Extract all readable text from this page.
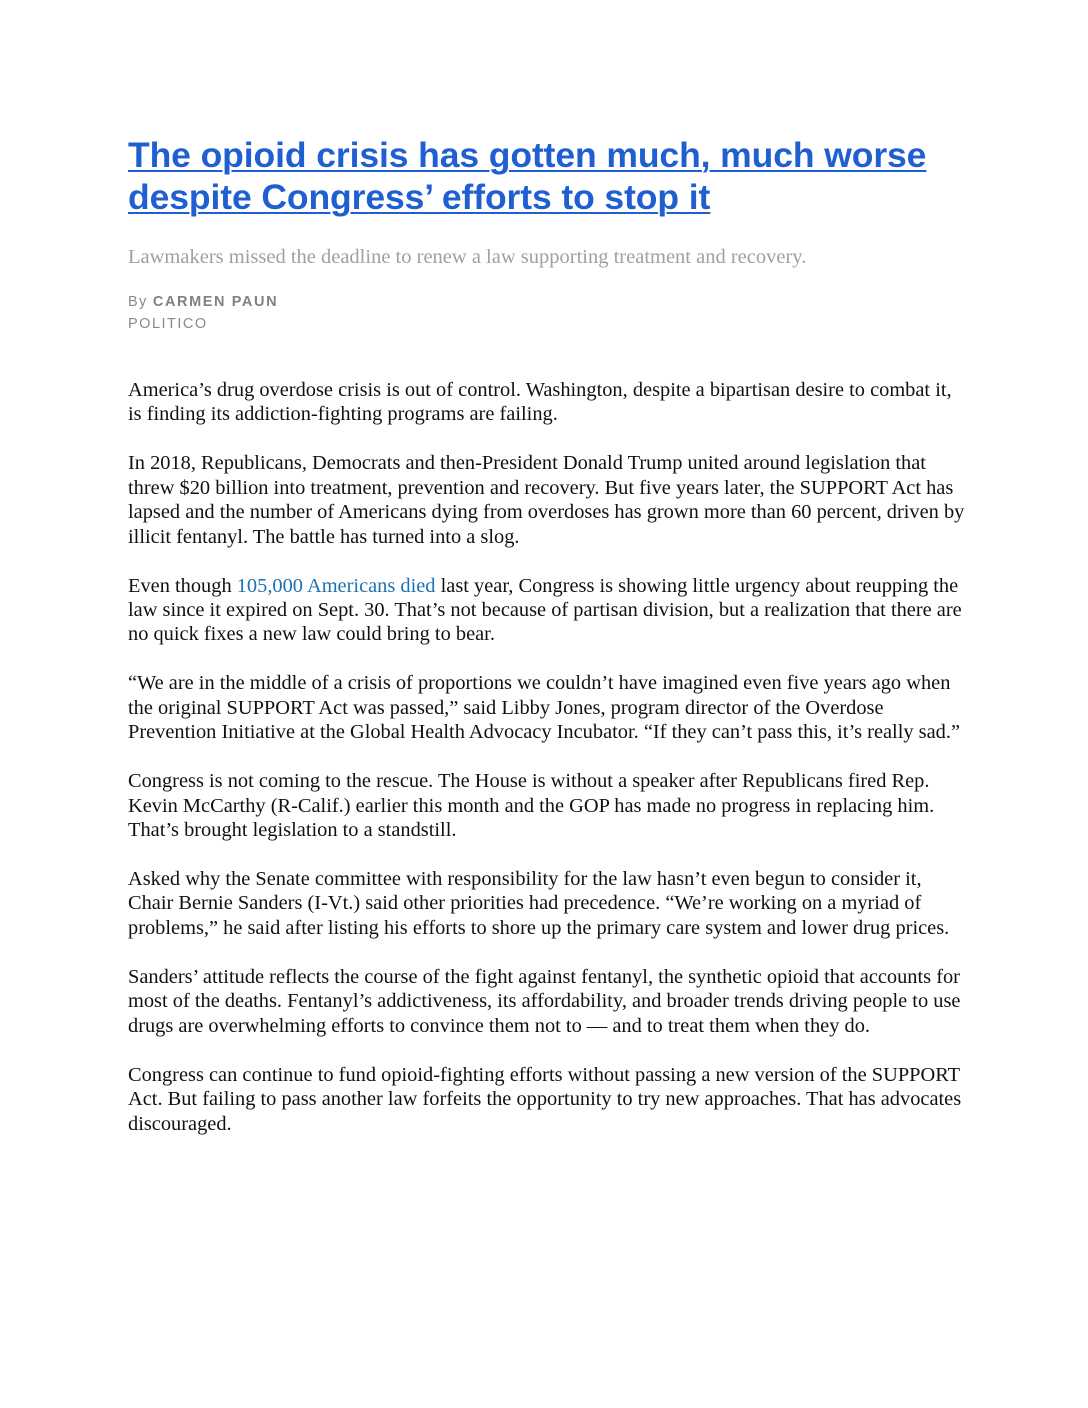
The opioid crisis has gotten much, much worse despite Congress’ efforts to stop it

Lawmakers missed the deadline to renew a law supporting treatment and recovery.

By CARMEN PAUN

POLITICO

America’s drug overdose crisis is out of control. Washington, despite a bipartisan desire to combat it, is finding its addiction-fighting programs are failing.

In 2018, Republicans, Democrats and then-President Donald Trump united around legislation that threw $20 billion into treatment, prevention and recovery. But five years later, the SUPPORT Act has lapsed and the number of Americans dying from overdoses has grown more than 60 percent, driven by illicit fentanyl. The battle has turned into a slog.

Even though 105,000 Americans died last year, Congress is showing little urgency about reupping the law since it expired on Sept. 30. That’s not because of partisan division, but a realization that there are no quick fixes a new law could bring to bear.

“We are in the middle of a crisis of proportions we couldn’t have imagined even five years ago when the original SUPPORT Act was passed,” said Libby Jones, program director of the Overdose Prevention Initiative at the Global Health Advocacy Incubator. “If they can’t pass this, it’s really sad.”

Congress is not coming to the rescue. The House is without a speaker after Republicans fired Rep. Kevin McCarthy (R-Calif.) earlier this month and the GOP has made no progress in replacing him. That’s brought legislation to a standstill.

Asked why the Senate committee with responsibility for the law hasn’t even begun to consider it, Chair Bernie Sanders (I-Vt.) said other priorities had precedence. “We’re working on a myriad of problems,” he said after listing his efforts to shore up the primary care system and lower drug prices.

Sanders’ attitude reflects the course of the fight against fentanyl, the synthetic opioid that accounts for most of the deaths. Fentanyl’s addictiveness, its affordability, and broader trends driving people to use drugs are overwhelming efforts to convince them not to — and to treat them when they do.

Congress can continue to fund opioid-fighting efforts without passing a new version of the SUPPORT Act. But failing to pass another law forfeits the opportunity to try new approaches. That has advocates discouraged.
